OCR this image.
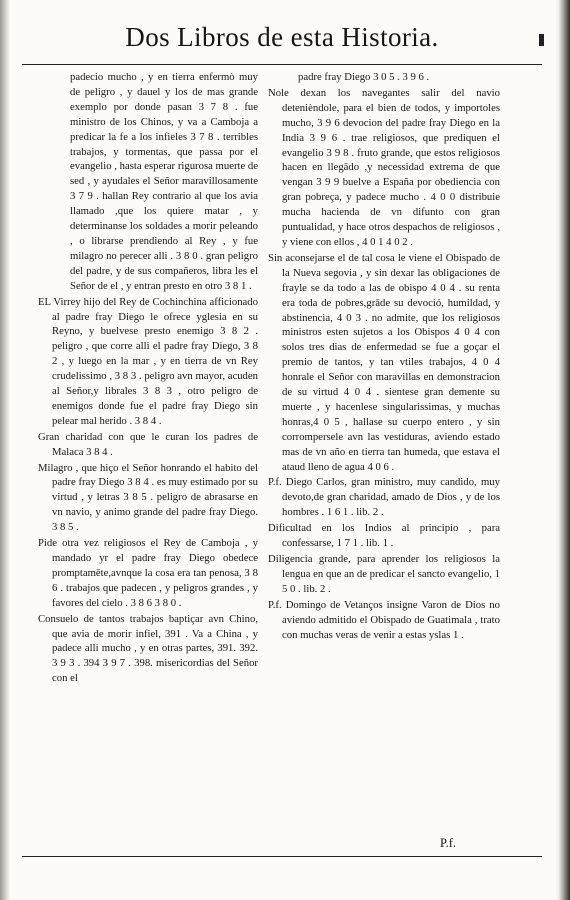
Dos Libros de esta Historia.

padecio mucho , y en tierra enfermò muy de peligro , y dauel y los de mas grande exemplo por donde pasan 3 7 8 . fue ministro de los Chinos, y va a Camboja a predicar la fe a los infieles 3 7 8 . terribles trabajos, y tormentas, que passa por el evangelio , hasta esperar rigurosa muerte de sed , y ayudales el Señor maravillosamente 3 7 9 . hallan Rey contrario al que los avia llamado ,que los quiere matar , y determinanse los soldades a morir peleando , o librarse prendiendo al Rey , y fue milagro no perecer alli . 3 8 0 . gran peligro del padre, y de sus compañeros, libra les el Señor de el , y entran presto en otro 3 8 1 .

EL Virrey hijo del Rey de Cochinchina afficionado al padre fray Diego le ofrece yglesia en su Reyno, y buelvese presto enemigo 3 8 2 . peligro , que corre alli el padre fray Diego, 3 8 2 , y luego en la mar , y en tierra de vn Rey crudelissimo , 3 8 3 . peligro avn mayor, acuden al Señor,y librales 3 8 3 , otro peligro de enemigos donde fue el padre fray Diego sin pelear mal herido . 3 8 4 .

Gran charidad con que le curan los padres de Malaca 3 8 4 .

Milagro , que hiço el Señor honrando el habito del padre fray Diego 3 8 4 . es muy estimado por su virtud , y letras 3 8 5 . peligro de abrasarse en vn navio, y animo grande del padre fray Diego. 3 8 5 .

Pide otra vez religiosos el Rey de Camboja , y mandado yr el padre fray Diego obedece promptamēte,avnque la cosa era tan penosa, 3 8 6 . trabajos que padecen , y peligros grandes , y favores del cielo . 3 8 6 3 8 0 .

Consuelo de tantos trabajos baptiçar avn Chino, que avia de morir infiel, 391 . Va a China , y padece alli mucho , y en otras partes, 391. 392. 3 9 3 . 394 3 9 7 . 398. misericordias del Señor con el

padre fray Diego 3 0 5 . 3 9 6 .

Nole dexan los navegantes salir del navio detenièndole, para el bien de todos, y importoles mucho, 3 9 6 devocion del padre fray Diego en la India 3 9 6 . trae religiosos, que prediquen el evangelio 3 9 8 . fruto grande, que estos religiosos hacen en llegādo ,y necessidad extrema de que vengan 3 9 9 buelve a España por obediencia con gran pobreça, y padece mucho . 4 0 0 distribuie mucha hacienda de vn difunto con gran puntualidad, y hace otros despachos de religiosos , y viene con ellos , 4 0 1 4 0 2 .

Sin aconsejarse el de tal cosa le viene el Obispado de la Nueva segovia , y sin dexar las obligaciones de frayle se da todo a las de obispo 4 0 4 . su renta era toda de pobres,grāde su devoció, humildad, y abstinencia, 4 0 3 . no admite, que los religiosos ministros esten sujetos a los Obispos 4 0 4 con solos tres dias de enfermedad se fue a goçar el premio de tantos, y tan vtiles trabajos, 4 0 4 honrale el Señor con maravillas en demonstracion de su virtud 4 0 4 . sientese gran demente su muerte , y hacenlese singularissimas, y muchas honras,4 0 5 , hallase su cuerpo entero , y sin corrompersele avn las vestiduras, aviendo estado mas de vn año en tierra tan humeda, que estava el ataud lleno de agua 4 0 6 .

P.f. Diego Carlos, gran ministro, muy candido, muy devoto,de gran charidad, amado de Dios , y de los hombres . 1 6 1 . lib. 2 .

Dificultad en los Indios al principio , para confessarse, 1 7 1 . lib. 1 .

Diligencia grande, para aprender los religiosos la lengua en que an de predicar el sancto evangelio, 1 5 0 . lib. 2 .

P.f. Domingo de Vetanços insigne Varon de Dios no aviendo admitido el Obispado de Guatimala , trato con muchas veras de venir a estas yslas 1 .

P.f.
